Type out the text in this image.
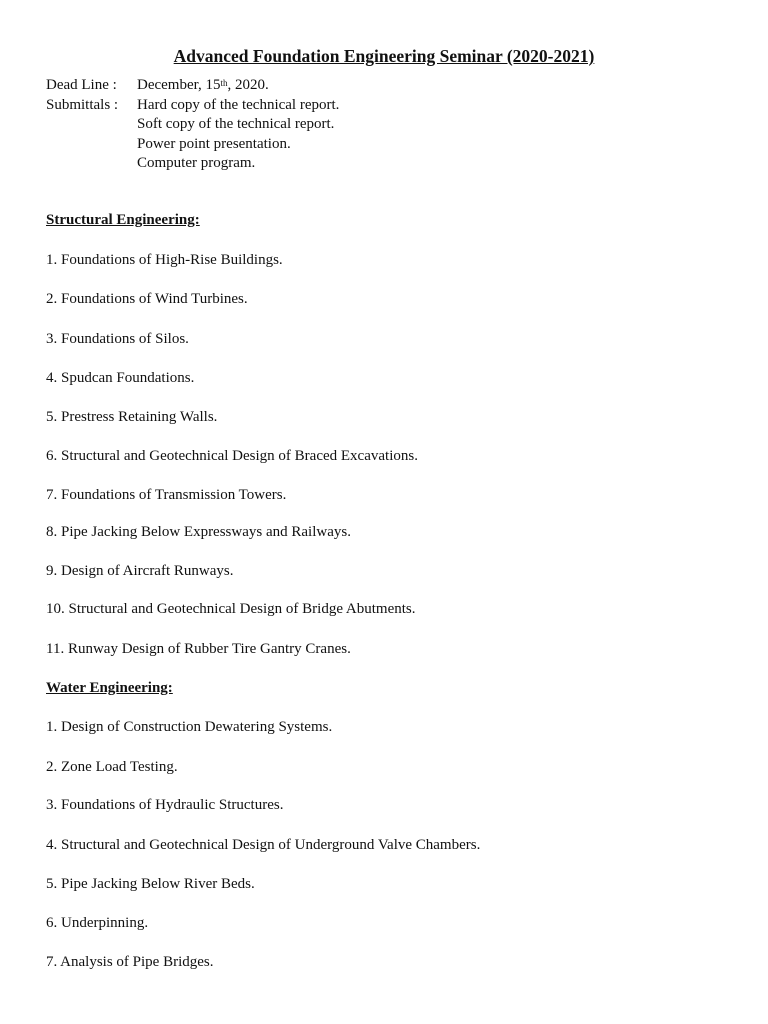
Advanced Foundation Engineering Seminar (2020-2021)
Dead Line :	December, 15th, 2020.
Submittals :	Hard copy of the technical report.
Soft copy of the technical report.
Power point presentation.
Computer program.
Structural Engineering:
1. Foundations of High-Rise Buildings.
2. Foundations of Wind Turbines.
3. Foundations of Silos.
4. Spudcan Foundations.
5. Prestress Retaining Walls.
6. Structural and Geotechnical Design of Braced Excavations.
7. Foundations of Transmission Towers.
8. Pipe Jacking Below Expressways and Railways.
9. Design of Aircraft Runways.
10. Structural and Geotechnical Design of Bridge Abutments.
11. Runway Design of Rubber Tire Gantry Cranes.
Water Engineering:
1. Design of Construction Dewatering Systems.
2. Zone Load Testing.
3. Foundations of Hydraulic Structures.
4. Structural and Geotechnical Design of Underground Valve Chambers.
5. Pipe Jacking Below River Beds.
6. Underpinning.
7. Analysis of Pipe Bridges.
